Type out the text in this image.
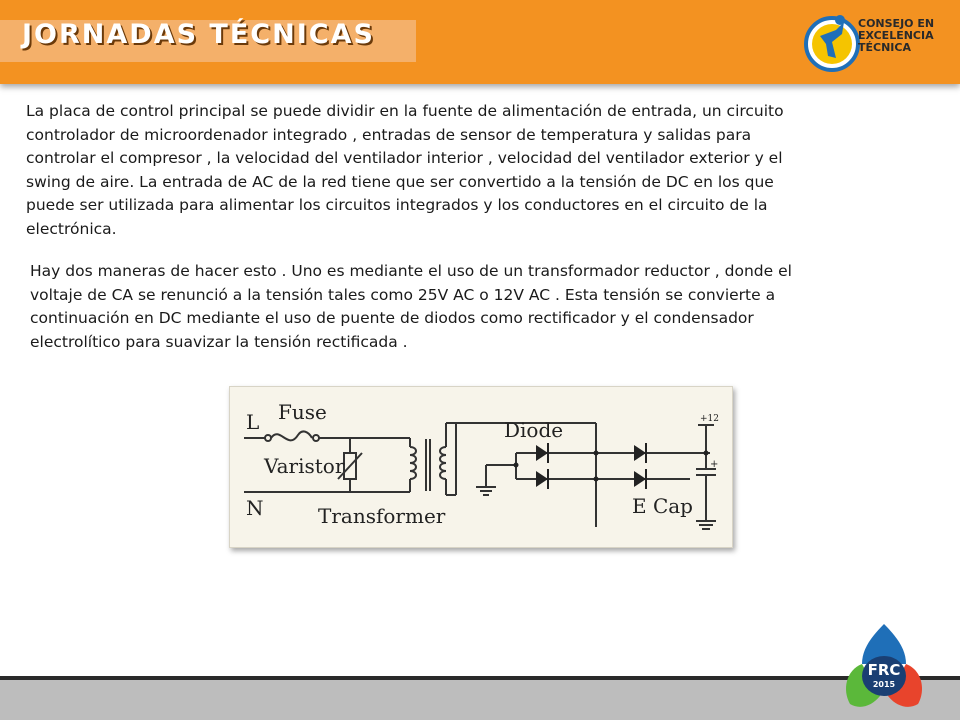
JORNADAS TÉCNICAS	CONSEJO EN
EXCELENCIA
TÉCNICA

La placa de control principal se puede dividir en la fuente de alimentación de entrada, un circuito controlador de microordenador integrado , entradas de sensor de temperatura y salidas para controlar el compresor , la velocidad del ventilador interior , velocidad del ventilador exterior y el swing de aire. La entrada de AC de la red tiene que ser convertido a la tensión de DC en los que puede ser utilizada para alimentar los circuitos integrados y los conductores en el circuito de la electrónica.

Hay dos maneras de hacer esto . Uno es mediante el uso de un transformador reductor , donde el voltaje de CA se renunció a la tensión tales como 25V AC o 12V AC . Esta tensión se convierte a continuación en DC mediante el uso de puente de diodos como rectificador y el condensador electrolítico para suavizar la tensión rectificada .

L
N
Fuse
Varistor
Transformer
Diode
E Cap
+12
+
FRC
2015
